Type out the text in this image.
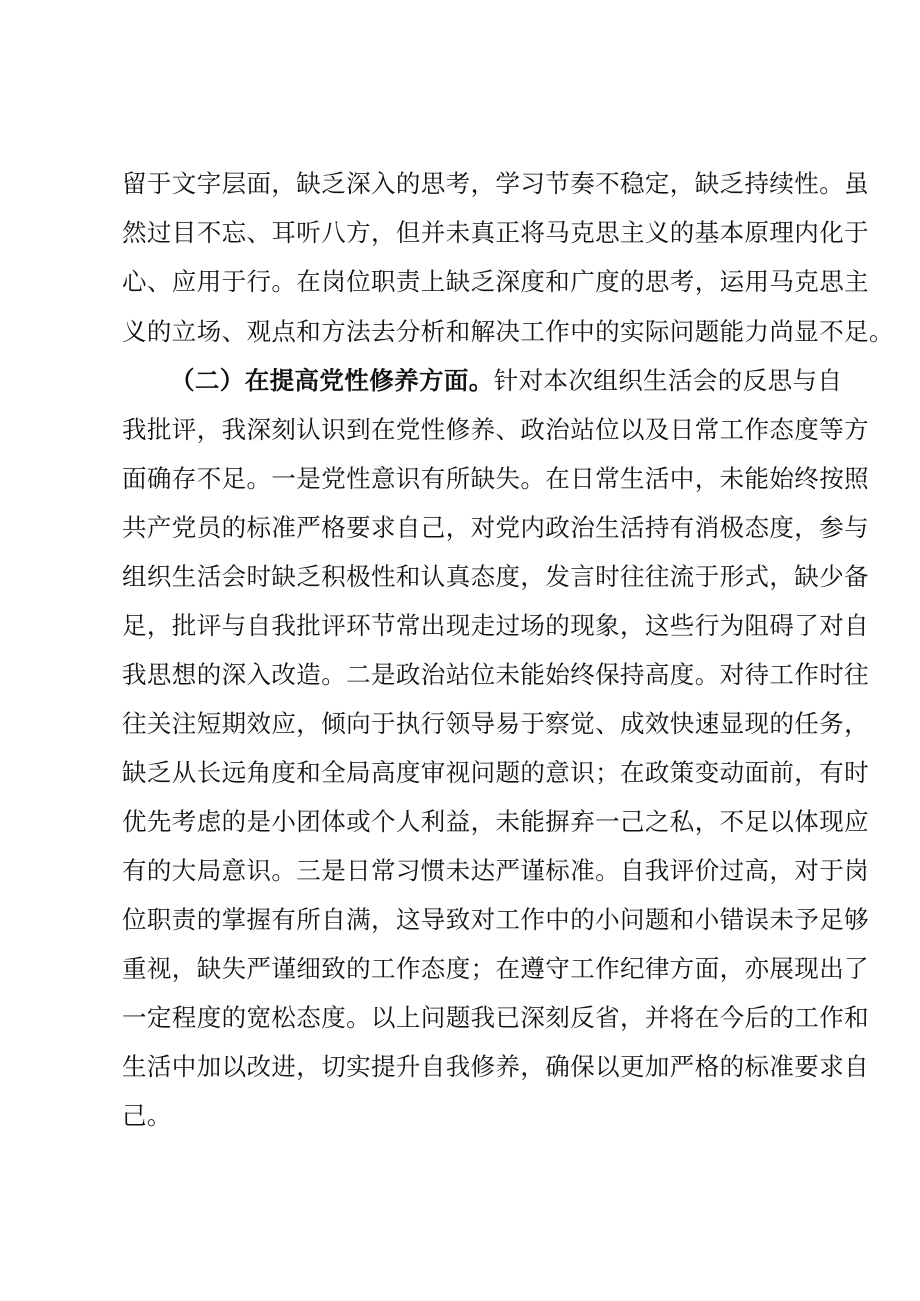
留于文字层面，缺乏深入的思考，学习节奏不稳定，缺乏持续性。虽
然过目不忘、耳听八方，但并未真正将马克思主义的基本原理内化于
心、应用于行。在岗位职责上缺乏深度和广度的思考，运用马克思主
义的立场、观点和方法去分析和解决工作中的实际问题能力尚显不足。
（二）在提高党性修养方面。针对本次组织生活会的反思与自
我批评，我深刻认识到在党性修养、政治站位以及日常工作态度等方
面确存不足。一是党性意识有所缺失。在日常生活中，未能始终按照
共产党员的标准严格要求自己，对党内政治生活持有消极态度，参与
组织生活会时缺乏积极性和认真态度，发言时往往流于形式，缺少备
足，批评与自我批评环节常出现走过场的现象，这些行为阻碍了对自
我思想的深入改造。二是政治站位未能始终保持高度。对待工作时往
往关注短期效应，倾向于执行领导易于察觉、成效快速显现的任务，
缺乏从长远角度和全局高度审视问题的意识；在政策变动面前，有时
优先考虑的是小团体或个人利益，未能摒弃一己之私，不足以体现应
有的大局意识。三是日常习惯未达严谨标准。自我评价过高，对于岗
位职责的掌握有所自满，这导致对工作中的小问题和小错误未予足够
重视，缺失严谨细致的工作态度；在遵守工作纪律方面，亦展现出了
一定程度的宽松态度。以上问题我已深刻反省，并将在今后的工作和
生活中加以改进，切实提升自我修养，确保以更加严格的标准要求自
己。
